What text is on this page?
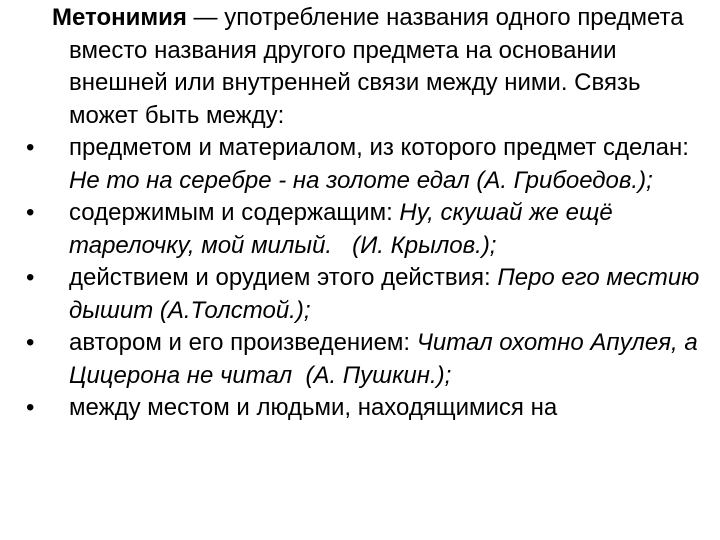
Метонимия — употребление названия одного предмета вместо названия другого предмета на основании внешней или внутренней связи между ними. Связь может быть между:

• предметом и материалом, из которого предмет сделан: Не то на серебре - на золоте едал (А. Грибоедов.);
• содержимым и содержащим: Ну, скушай же ещё тарелочку, мой милый.   (И. Крылов.);
• действием и орудием этого действия: Перо его местию дышит (А.Толстой.);
• автором и его произведением: Читал охотно Апулея, а Цицерона не читал  (А. Пушкин.);
• между местом и людьми, находящимися на
